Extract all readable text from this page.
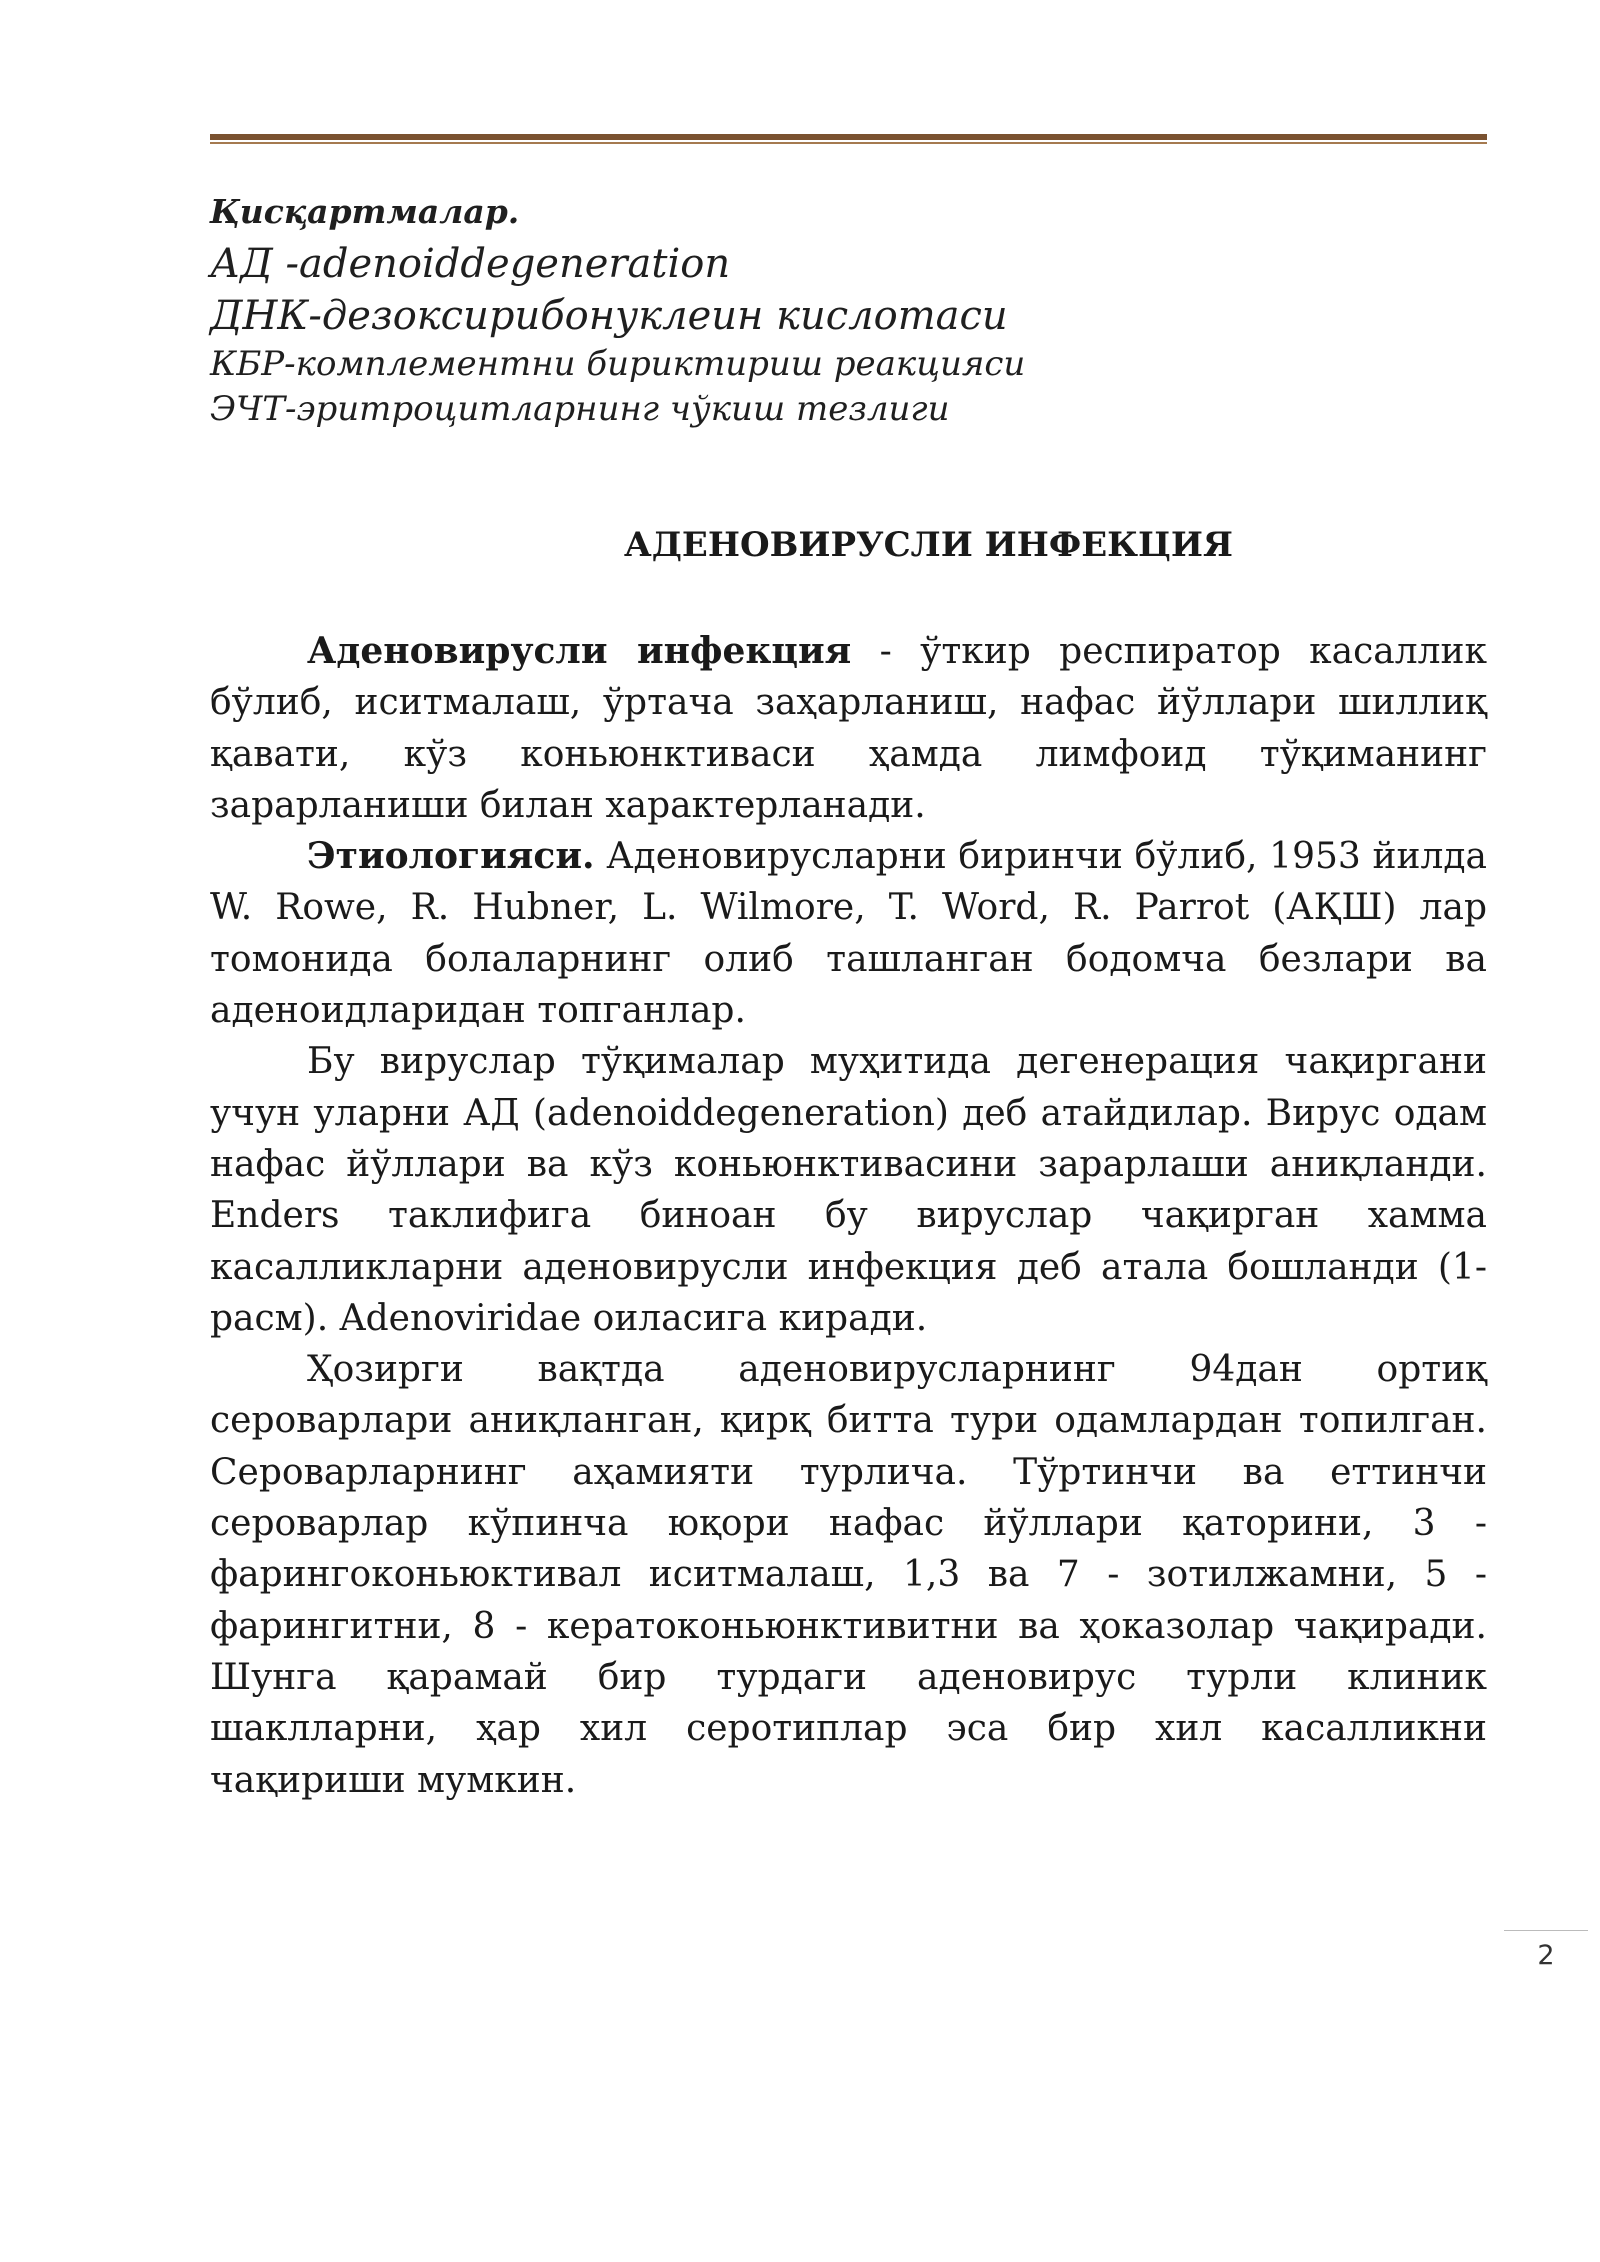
Қисқартмалар.
АД -adenoiddegeneration
ДНК-дезоксирибонуклеин кислотаси
КБР-комплементни бириктириш реакцияси
ЭЧТ-эритроцитларнинг чўкиш тезлиги
АДЕНОВИРУСЛИ ИНФЕКЦИЯ

Аденовирусли инфекция - ўткир респиратор касаллик бўлиб, иситмалаш, ўртача заҳарланиш, нафас йўллари шиллиқ қавати, кўз коньюнктиваси ҳамда лимфоид тўқиманинг зарарланиши билан характерланади.

Этиологияси. Аденовирусларни биринчи бўлиб, 1953 йилда W. Rowe, R. Hubner, L. Wilmore, T. Word, R. Parrot (АҚШ) лар томонида болаларнинг олиб ташланган бодомча безлари ва аденоидларидан топганлар.

Бу вируслар тўқималар муҳитида дегенерация чақиргани учун уларни АД (adenoiddegeneration) деб атайдилар. Вирус одам нафас йўллари ва кўз коньюнктивасини зарарлаши аниқланди. Enders таклифига биноан бу вируслар чақирган хамма касалликларни аденовирусли инфекция деб атала бошланди (1-расм). Adenoviridae оиласига киради.

Ҳозирги вақтда аденовирусларнинг 94дан ортиқ сероварлари аниқланган, қирқ битта тури одамлардан топилган. Сероварларнинг аҳамияти турлича. Тўртинчи ва еттинчи сероварлар кўпинча юқори нафас йўллари қаторини, 3 - фарингоконьюктивал иситмалаш, 1,3 ва 7 - зотилжамни, 5 - фарингитни, 8 - кератоконьюнктивитни ва ҳоказолар чақиради. Шунга қарамай бир турдаги аденовирус турли клиник шаклларни, ҳар хил серотиплар эса бир хил касалликни чақириши мумкин.

2
